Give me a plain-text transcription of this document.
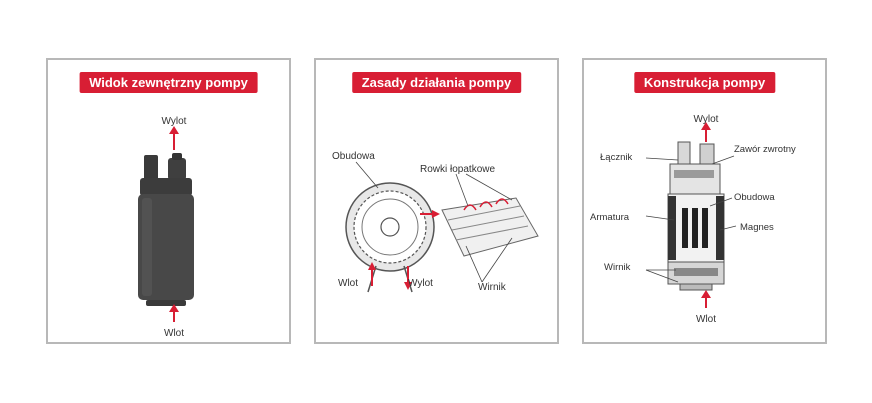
Widok zewnętrzny pompy
Wylot
Wlot
Zasady działania pompy
Obudowa
Rowki łopatkowe
Wlot	Wylot	Wirnik
Konstrukcja pompy
Wylot
Łącznik
Zawór zwrotny
Obudowa
Armatura
Magnes
Wirnik
Wlot
